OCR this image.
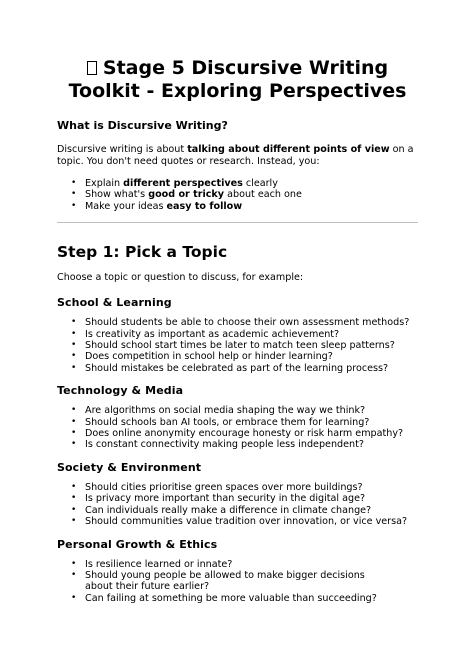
Stage 5 Discursive Writing
Toolkit - Exploring Perspectives
What is Discursive Writing?

Discursive writing is about talking about different points of view on a topic. You don't need quotes or research. Instead, you:

• Explain different perspectives clearly
• Show what's good or tricky about each one
• Make your ideas easy to follow
Step 1: Pick a Topic

Choose a topic or question to discuss, for example:

School & Learning
• Should students be able to choose their own assessment methods?
• Is creativity as important as academic achievement?
• Should school start times be later to match teen sleep patterns?
• Does competition in school help or hinder learning?
• Should mistakes be celebrated as part of the learning process?
Technology & Media
• Are algorithms on social media shaping the way we think?
• Should schools ban AI tools, or embrace them for learning?
• Does online anonymity encourage honesty or risk harm empathy?
• Is constant connectivity making people less independent?
Society & Environment
• Should cities prioritise green spaces over more buildings?
• Is privacy more important than security in the digital age?
• Can individuals really make a difference in climate change?
• Should communities value tradition over innovation, or vice versa?
Personal Growth & Ethics
• Is resilience learned or innate?
• Should young people be allowed to make bigger decisions about their future earlier?
• Can failing at something be more valuable than succeeding?
